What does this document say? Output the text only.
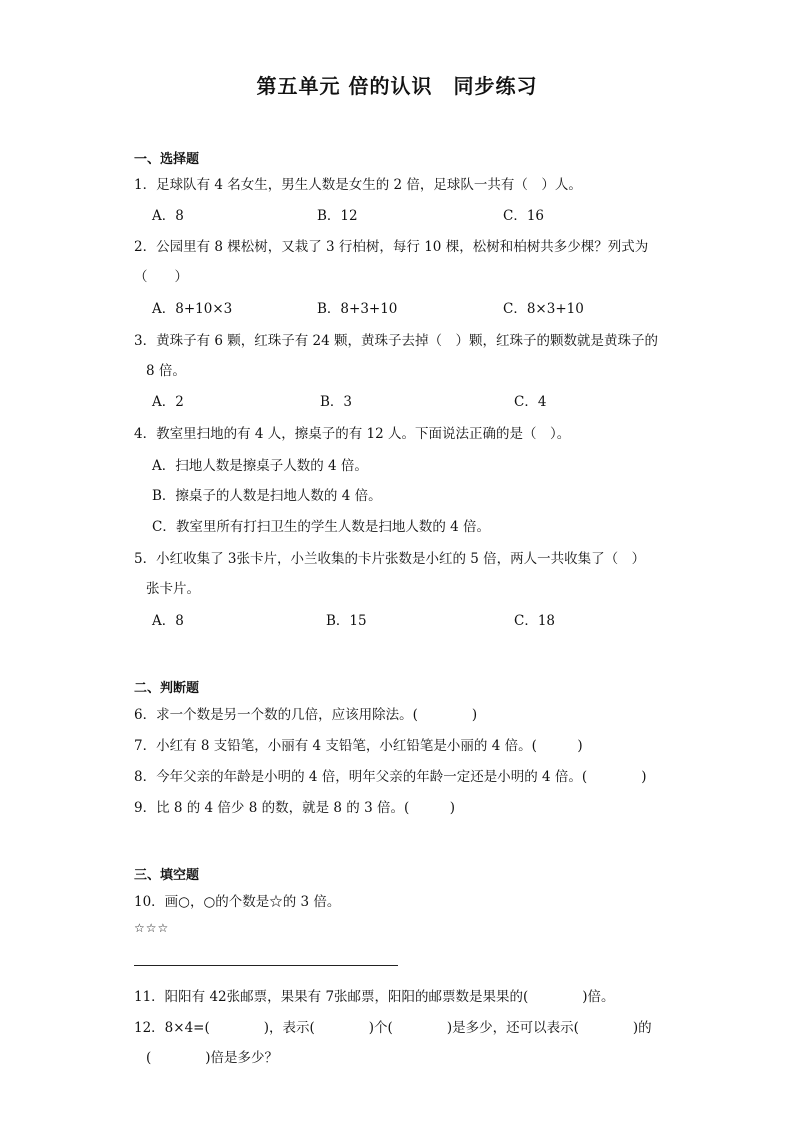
第五单元 倍的认识　同步练习
一、选择题
1．足球队有 4 名女生，男生人数是女生的 2 倍，足球队一共有（　）人。
A．8	B．12	C．16
2．公园里有 8 棵松树，又栽了 3 行柏树，每行 10 棵，松树和柏树共多少棵？列式为
（　　）
A．8+10×3	B．8+3+10	C．8×3+10
3．黄珠子有 6 颗，红珠子有 24 颗，黄珠子去掉（　）颗，红珠子的颗数就是黄珠子的
8 倍。
A．2	B．3	C．4
4．教室里扫地的有 4 人，擦桌子的有 12 人。下面说法正确的是（　）。
A．扫地人数是擦桌子人数的 4 倍。
B．擦桌子的人数是扫地人数的 4 倍。
C．教室里所有打扫卫生的学生人数是扫地人数的 4 倍。
5．小红收集了 3张卡片，小兰收集的卡片张数是小红的 5 倍，两人一共收集了（　）
张卡片。
A．8	B．15	C．18
二、判断题
6．求一个数是另一个数的几倍，应该用除法。(　　　　)
7．小红有 8 支铅笔，小丽有 4 支铅笔，小红铅笔是小丽的 4 倍。(　　　)
8．今年父亲的年龄是小明的 4 倍，明年父亲的年龄一定还是小明的 4 倍。(　　　　)
9．比 8 的 4 倍少 8 的数，就是 8 的 3 倍。(　　　)
三、填空题
10．画○，○的个数是☆的 3 倍。
☆☆☆
11．阳阳有 42张邮票，果果有 7张邮票，阳阳的邮票数是果果的(　　　　)倍。
12．8×4=(　　　　)，表示(　　　　)个(　　　　)是多少，还可以表示(　　　　)的
(　　　　)倍是多少？
